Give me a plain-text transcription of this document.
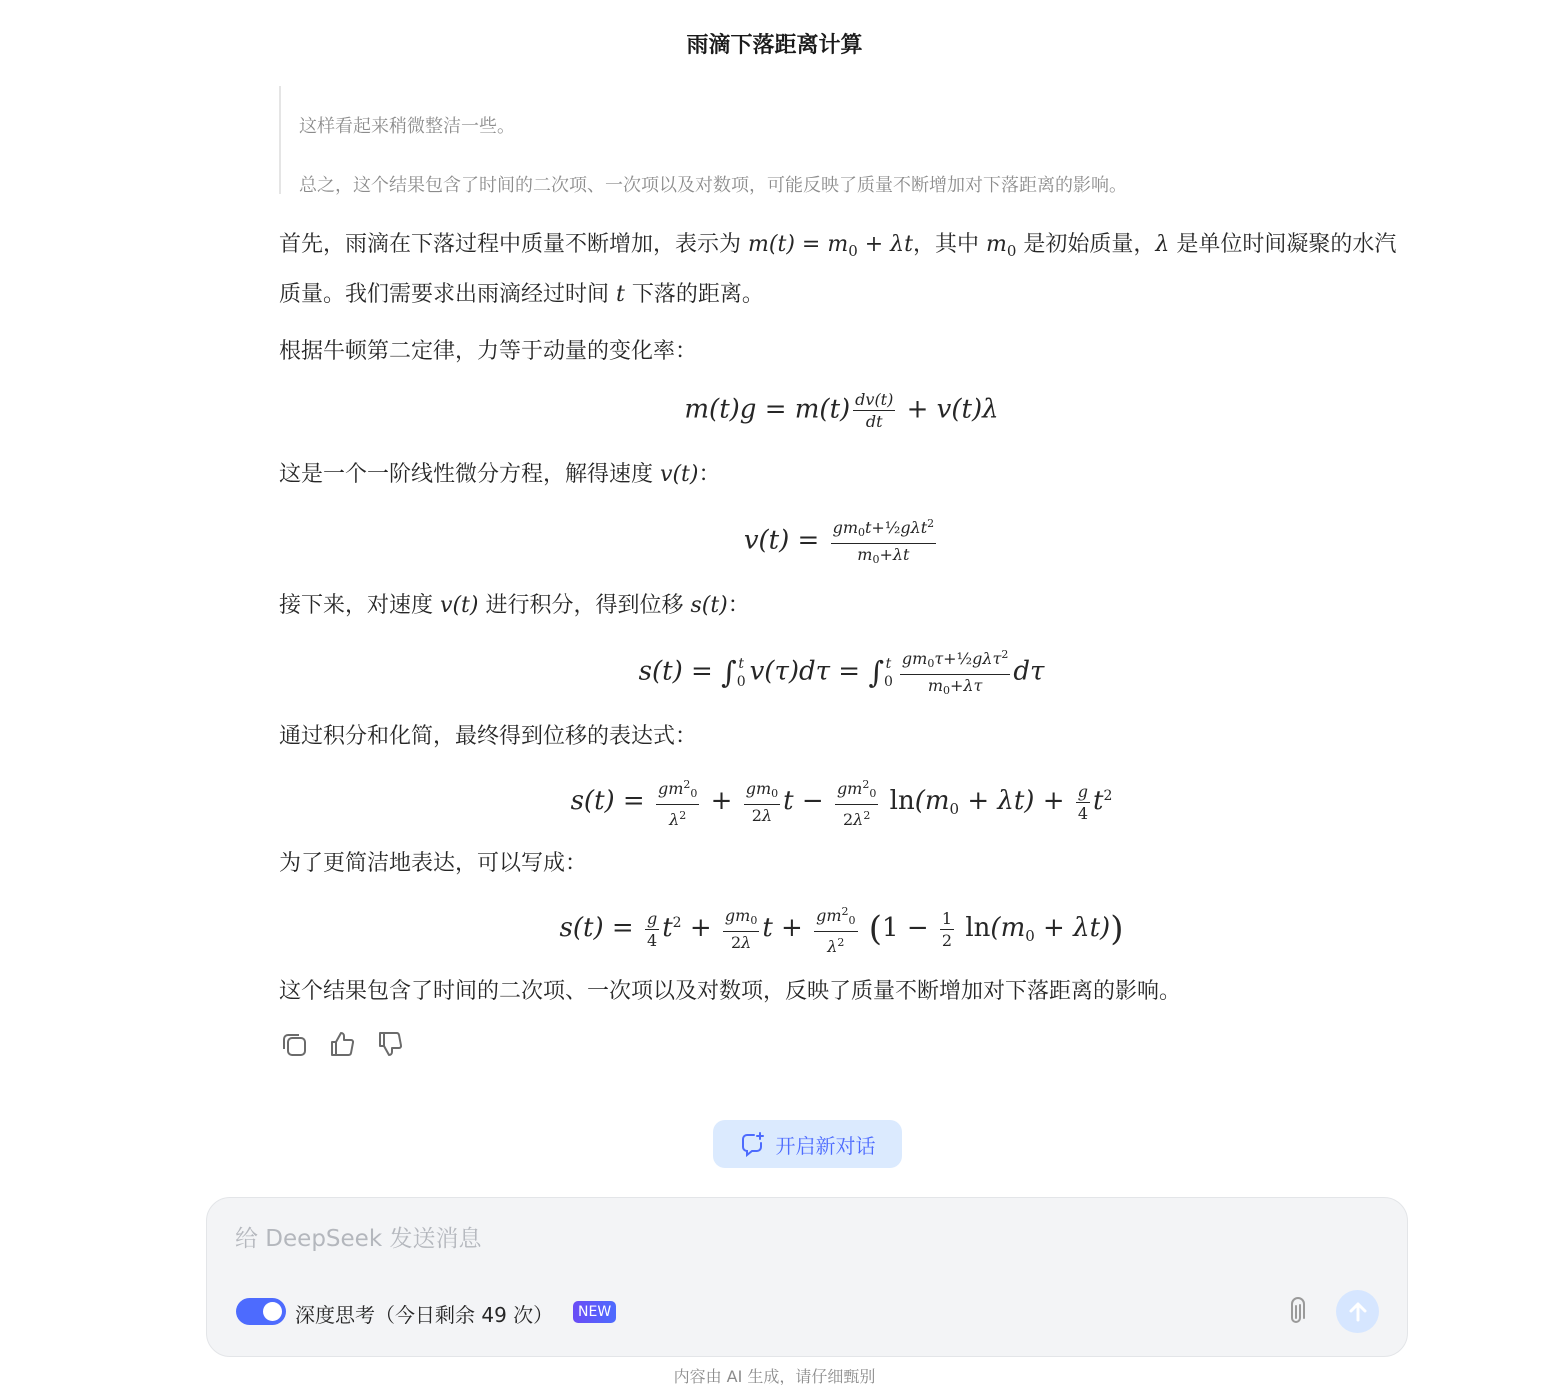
雨滴下落距离计算

这样看起来稍微整洁一些。

总之，这个结果包含了时间的二次项、一次项以及对数项，可能反映了质量不断增加对下落距离的影响。

首先，雨滴在下落过程中质量不断增加，表示为 $m(t) = m_0 + \lambda t$，其中 $m_0$ 是初始质量，λ 是单位时间凝聚的水汽质量。我们需要求出雨滴经过时间 t 下落的距离。
根据牛顿第二定律，力等于动量的变化率：
$m(t)g = m(t) \frac{dv(t)}{dt} + v(t)\lambda$
这是一个一阶线性微分方程，解得速度 v(t)：
$v(t) = \frac{gm0t+\frac{1}{2}g\lambda t^2}{m0+\lambda t}$
接下来，对速度 v(t) 进行积分，得到位移 s(t)：
s(t) = ∫ t
0 v(τ)dτ = ∫ t
$0 \frac{gm0\tau+\frac{1}{2}g\lambda\tau^2}{m0+\lambda\tau}$ dτ
通过积分和化简，最终得到位移的表达式：
$s(t) = \frac{gm^20}{\lambda^2} + \frac{gm0}{2\lambda}$ $t - \frac{gm^20}{2\lambda^2} \ln(m_0 + \lambda t) + \frac{g}{4} t^2$
为了更简洁地表达，可以写成：
$s(t) = \frac{g}{4} t^2 + \frac{gm0}{2\lambda}$ $t + \frac{gm^20}{\lambda^2} (1 - \frac{1}{2} \ln(m_0 + \lambda t))$
这个结果包含了时间的二次项、一次项以及对数项，反映了质量不断增加对下落距离的影响。
开启新对话
给 DeepSeek 发送消息
深度思考（今日剩余 49 次）	NEW
内容由 AI 生成，请仔细甄别
